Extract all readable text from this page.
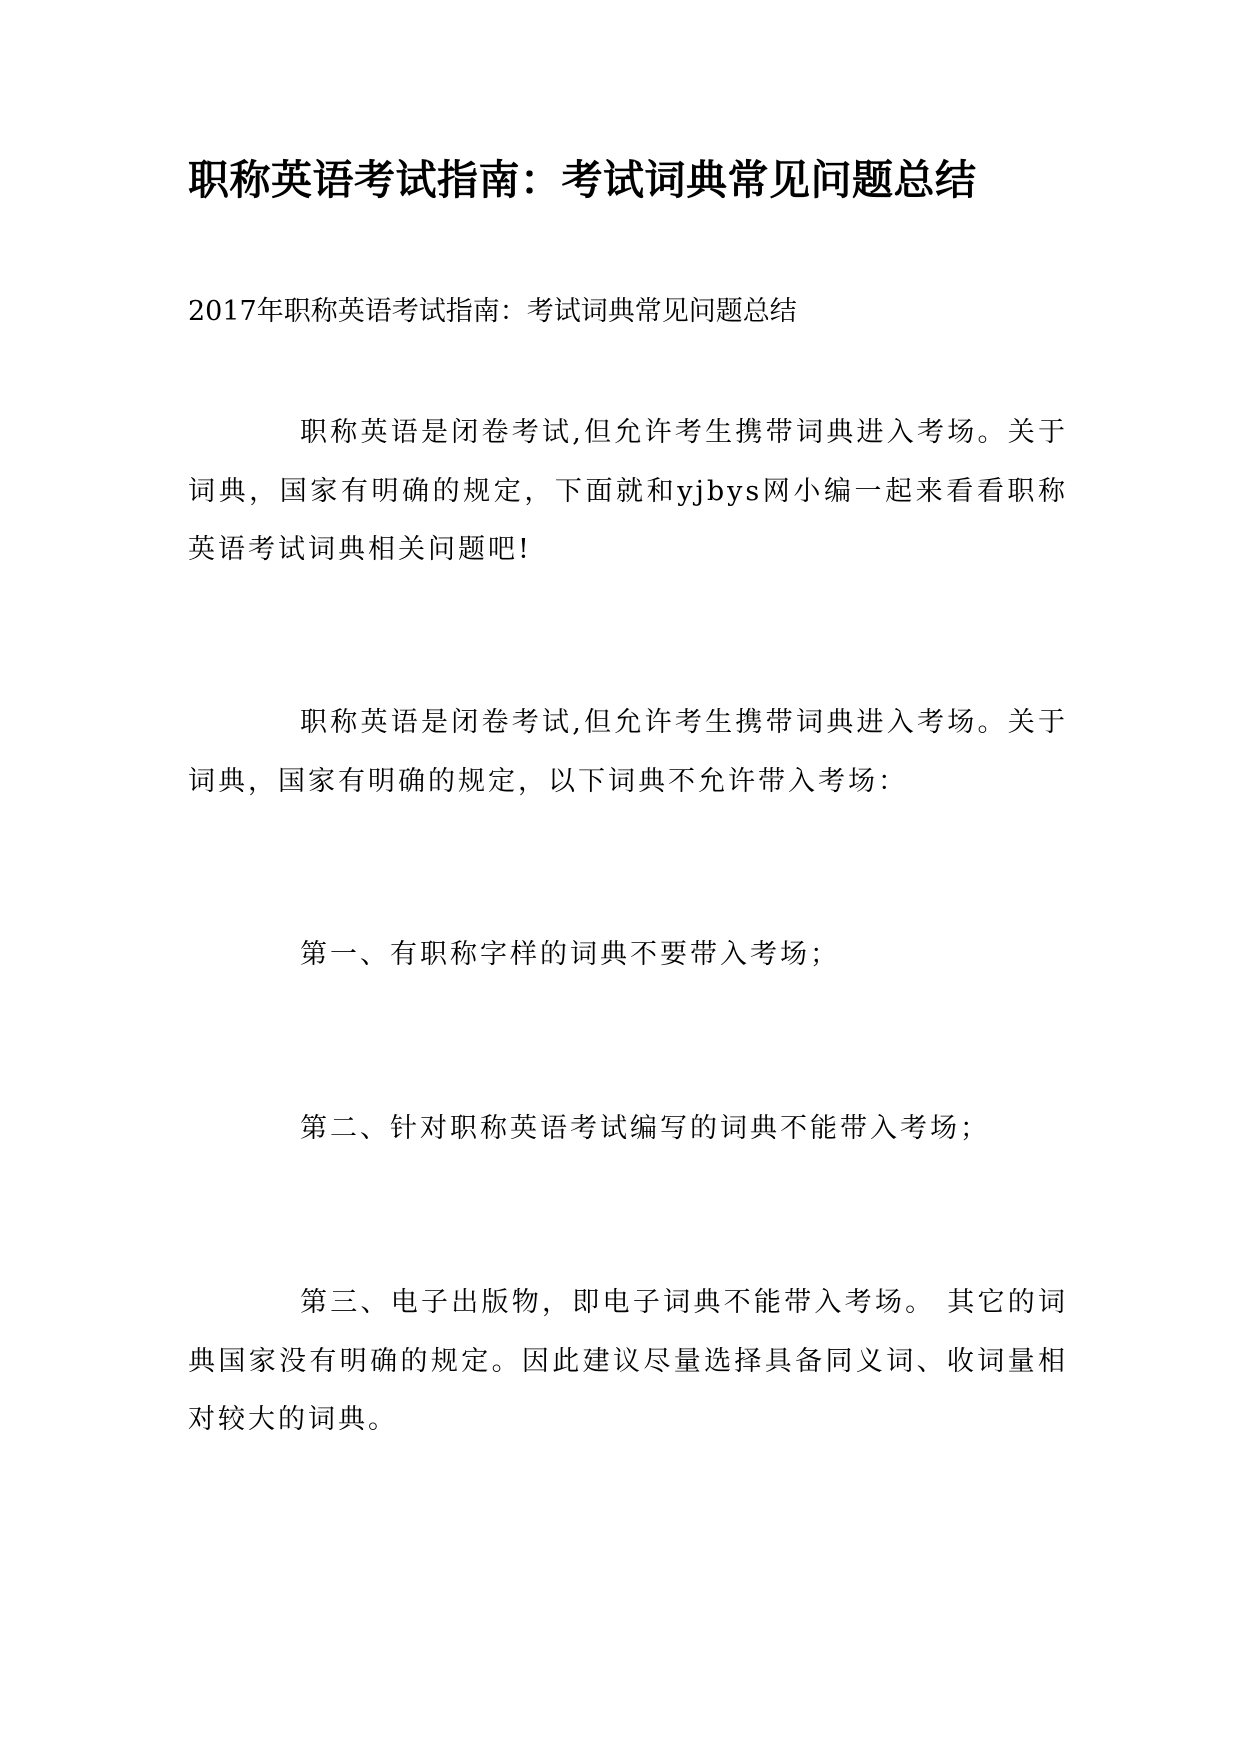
职称英语考试指南：考试词典常见问题总结
2017年职称英语考试指南：考试词典常见问题总结

职称英语是闭卷考试,但允许考生携带词典进入考场。关于词典，国家有明确的规定，下面就和yjbys网小编一起来看看职称英语考试词典相关问题吧!

职称英语是闭卷考试,但允许考生携带词典进入考场。关于词典，国家有明确的规定，以下词典不允许带入考场：

第一、有职称字样的词典不要带入考场；

第二、针对职称英语考试编写的词典不能带入考场；

第三、电子出版物，即电子词典不能带入考场。 其它的词典国家没有明确的规定。因此建议尽量选择具备同义词、收词量相对较大的词典。
